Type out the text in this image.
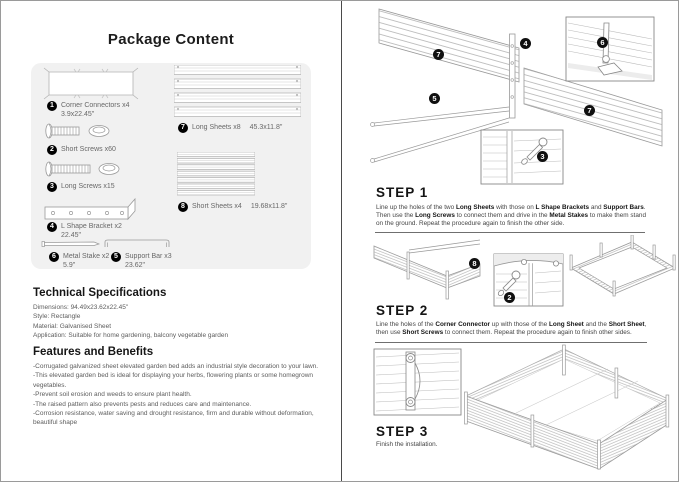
Package Content
1	Corner Connectors x4
3.9x22.45"
2	Short Screws x60
3	Long Screws x15
4	L Shape Bracket x2
22.45"
6	Metal Stake x2
5.9"
5	Support Bar x3
23.62"
7	Long Sheets x8 45.3x11.8"
8	Short Sheets x4 19.68x11.8"
Technical Specifications
Dimensions: 94.49x23.62x22.45"
Style: Rectangle
Material: Galvanised Sheet
Application: Suitable for home gardening, balcony vegetable garden
Features and Benefits
-Corrugated galvanized sheet elevated garden bed adds an industrial style decoration to your lawn.
-This elevated garden bed is ideal for displaying your herbs, flowering plants or some homegrown vegetables.
-Prevent soil erosion and weeds to ensure plant health.
-The raised pattern also prevents pests and reduces care and maintenance.
-Corrosion resistance, water saving and drought resistance, firm and durable without deformation, beautiful shape
7
4	6
5
7
3
STEP 1
Line up the holes of the two Long Sheets with those on L Shape Brackets and Support Bars. Then use the Long Screws to connect them and drive in the Metal Stakes to make them stand on the ground. Repeat the procedure again to finish the other side.
8
2
STEP 2
Line the holes of the Corner Connector up with those of the Long Sheet and the Short Sheet, then use Short Screws to connect them. Repeat the procedure again to finish other sides.
STEP 3
Finish the installation.
